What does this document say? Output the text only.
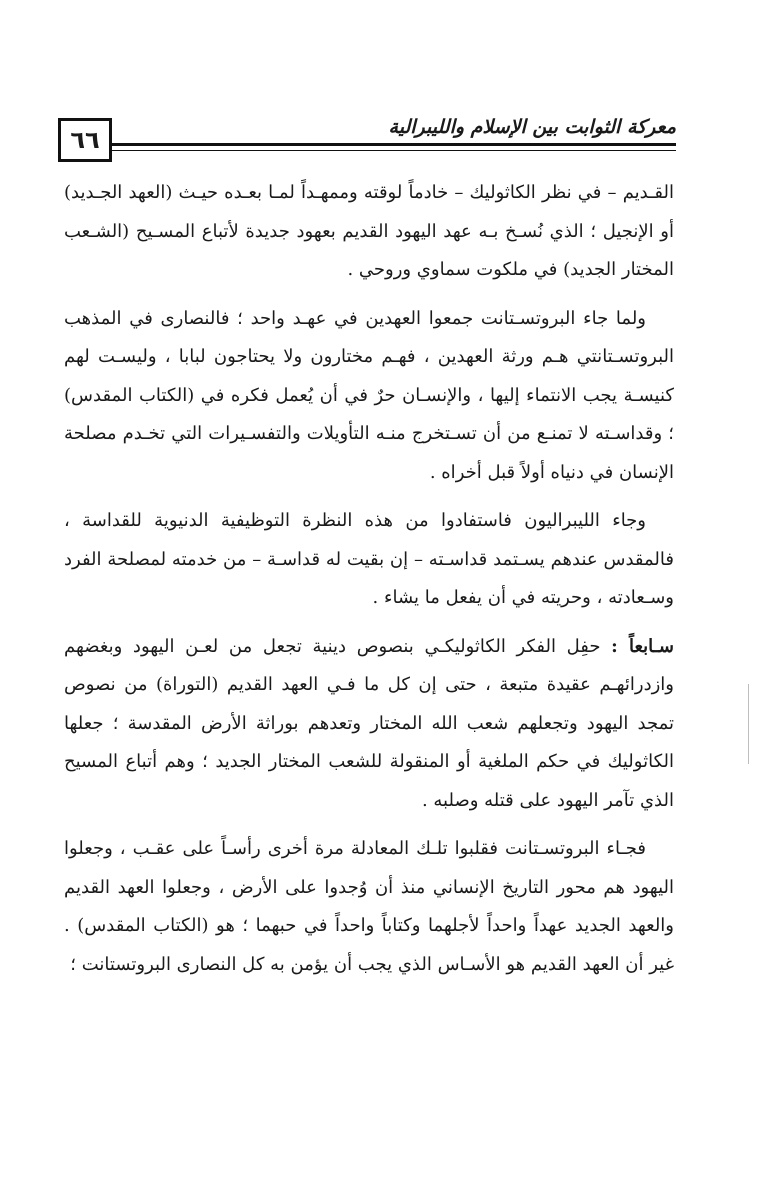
٦٦	معركة الثوابت بين الإسلام والليبرالية

القـديم – في نظر الكاثوليك – خادماً لوقته وممهـداً لمـا بعـده حيـث (العهد الجـديد) أو الإنجيل ؛ الذي نُسـخ بـه عهد اليهود القديم بعهود جديدة لأتباع المسـيح (الشـعب المختار الجديد) في ملكوت سماوي وروحي .

ولما جاء البروتسـتانت جمعوا العهدين في عهـد واحد ؛ فالنصارى في المذهب البروتسـتانتي هـم ورثة العهدين ، فهـم مختارون ولا يحتاجون لبابا ، وليسـت لهم كنيسـة يجب الانتماء إليها ، والإنسـان حرٌ في أن يُعمل فكره في (الكتاب المقدس) ؛ وقداسـته لا تمنـع من أن تسـتخرج منـه التأويلات والتفسـيرات التي تخـدم مصلحة الإنسان في دنياه أولاً قبل أخراه .

وجاء الليبراليون فاستفادوا من هذه النظرة التوظيفية الدنيوية للقداسة ، فالمقدس عندهم يسـتمد قداسـته – إن بقيت له قداسـة – من خدمته لمصلحة الفرد وسـعادته ، وحريته في أن يفعل ما يشاء .

سـابعاً : حفِل الفكر الكاثوليكـي بنصوص دينية تجعل من لعـن اليهود وبغضهم وازدرائهـم عقيدة متبعة ، حتى إن كل ما فـي العهد القديم (التوراة) من نصوص تمجد اليهود وتجعلهم شعب الله المختار وتعدهم بوراثة الأرض المقدسة ؛ جعلها الكاثوليك في حكم الملغية أو المنقولة للشعب المختار الجديد ؛ وهم أتباع المسيح الذي تآمر اليهود على قتله وصلبه .

فجـاء البروتسـتانت فقلبوا تلـك المعادلة مرة أخرى رأسـاً على عقـب ، وجعلوا اليهود هم محور التاريخ الإنساني منذ أن وُجدوا على الأرض ، وجعلوا العهد القديم والعهد الجديد عهداً واحداً لأجلهما وكتاباً واحداً في حبهما ؛ هو (الكتاب المقدس) . غير أن العهد القديم هو الأسـاس الذي يجب أن يؤمن به كل النصارى البروتستانت ؛
